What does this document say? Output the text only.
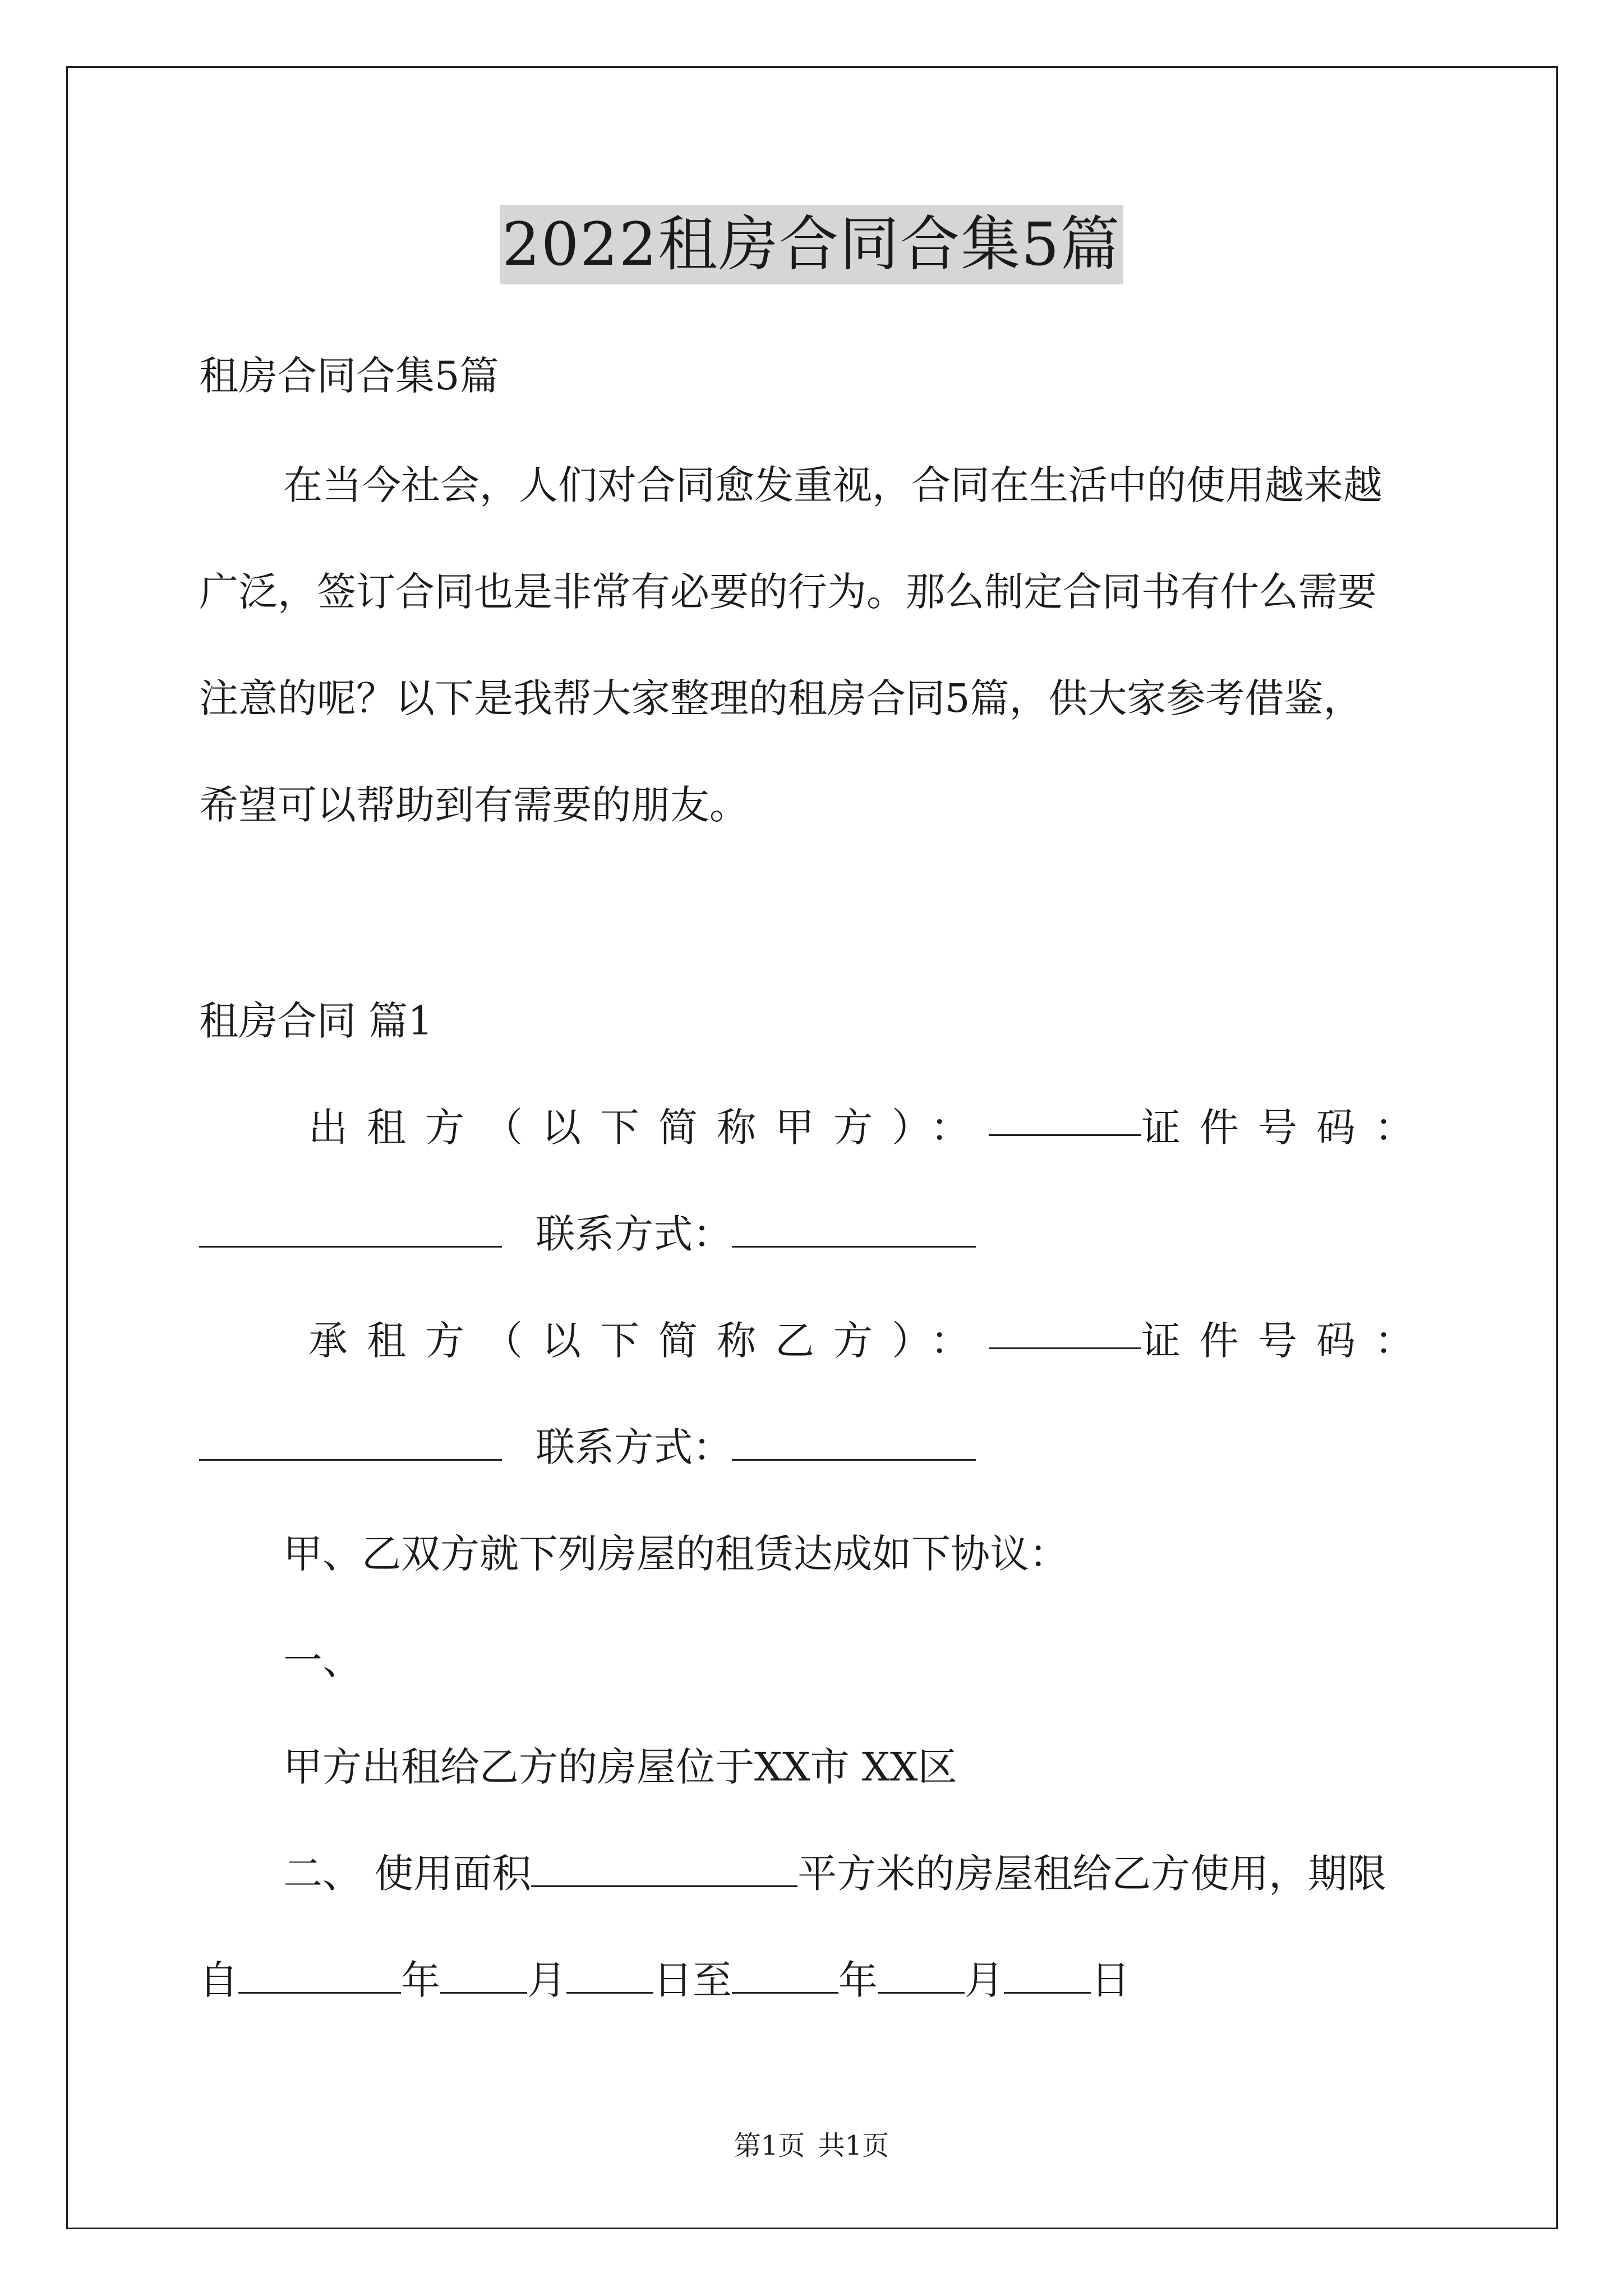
2022租房合同合集5篇
租房合同合集5篇
在当今社会，人们对合同愈发重视，合同在生活中的使用越来越
广泛，签订合同也是非常有必要的行为。那么制定合同书有什么需要
注意的呢？以下是我帮大家整理的租房合同5篇，供大家参考借鉴，
希望可以帮助到有需要的朋友。
租房合同 篇1
出租方（以下简称甲方）：	证件号码：
联系方式：
承租方（以下简称乙方）：	证件号码：
联系方式：
甲、乙双方就下列房屋的租赁达成如下协议：
一、
甲方出租给乙方的房屋位于XX市 XX区
二、 使用面积	平方米的房屋租给乙方使用，期限
自	年 月 日至	年 月 日
第1页 共1页
